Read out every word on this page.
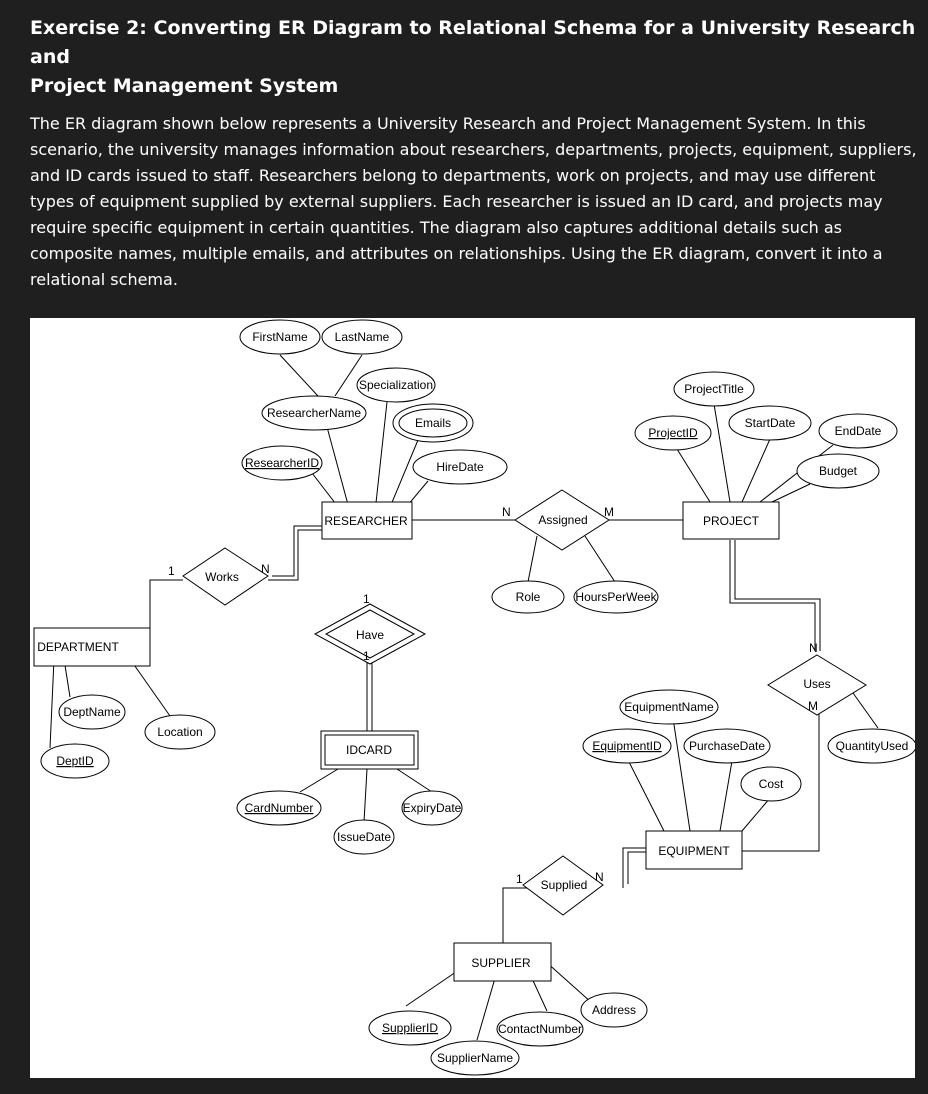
Exercise 2: Converting ER Diagram to Relational Schema for a University Research and
Project Management System

The ER diagram shown below represents a University Research and Project Management System. In this
scenario, the university manages information about researchers, departments, projects, equipment, suppliers,
and ID cards issued to staff. Researchers belong to departments, work on projects, and may use different
types of equipment supplied by external suppliers. Each researcher is issued an ID card, and projects may
require specific equipment in certain quantities. The diagram also captures additional details such as
composite names, multiple emails, and attributes on relationships. Using the ER diagram, convert it into a
relational schema.

RESEARCHER	PROJECT
DEPARTMENT
IDCARD
EQUIPMENT
SUPPLIER
Works
Assigned
Have
Uses
Supplied
FirstName LastName
Specialization
ResearcherName
Emails
ResearcherID	HireDate
ProjectTitle
ProjectID
StartDate
EndDate
Budget
Role	HoursPerWeek
DeptName
Location
DeptID
EquipmentName
EquipmentID PurchaseDate	QuantityUsed
Cost
CardNumber	ExpiryDate
IssueDate
SupplierID	ContactNumber
Address
SupplierName
1	N
N	M
1
1
N
M
1	N
